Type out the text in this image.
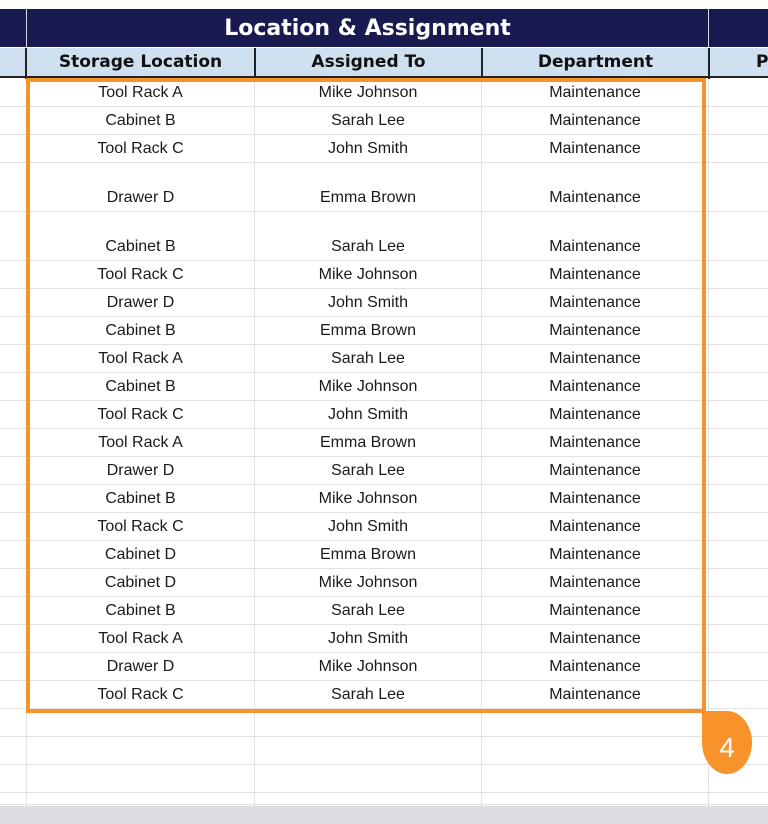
Location & Assignment
Storage Location	Assigned To	Department	P
Tool Rack A	Mike Johnson	Maintenance
Cabinet B	Sarah Lee	Maintenance
Tool Rack C	John Smith	Maintenance
Drawer D	Emma Brown	Maintenance
Cabinet B	Sarah Lee	Maintenance
Tool Rack C	Mike Johnson	Maintenance
Drawer D	John Smith	Maintenance
Cabinet B	Emma Brown	Maintenance
Tool Rack A	Sarah Lee	Maintenance
Cabinet B	Mike Johnson	Maintenance
Tool Rack C	John Smith	Maintenance
Tool Rack A	Emma Brown	Maintenance
Drawer D	Sarah Lee	Maintenance
Cabinet B	Mike Johnson	Maintenance
Tool Rack C	John Smith	Maintenance
Cabinet D	Emma Brown	Maintenance
Cabinet D	Mike Johnson	Maintenance
Cabinet B	Sarah Lee	Maintenance
Tool Rack A	John Smith	Maintenance
Drawer D	Mike Johnson	Maintenance
Tool Rack C	Sarah Lee	Maintenance
4
